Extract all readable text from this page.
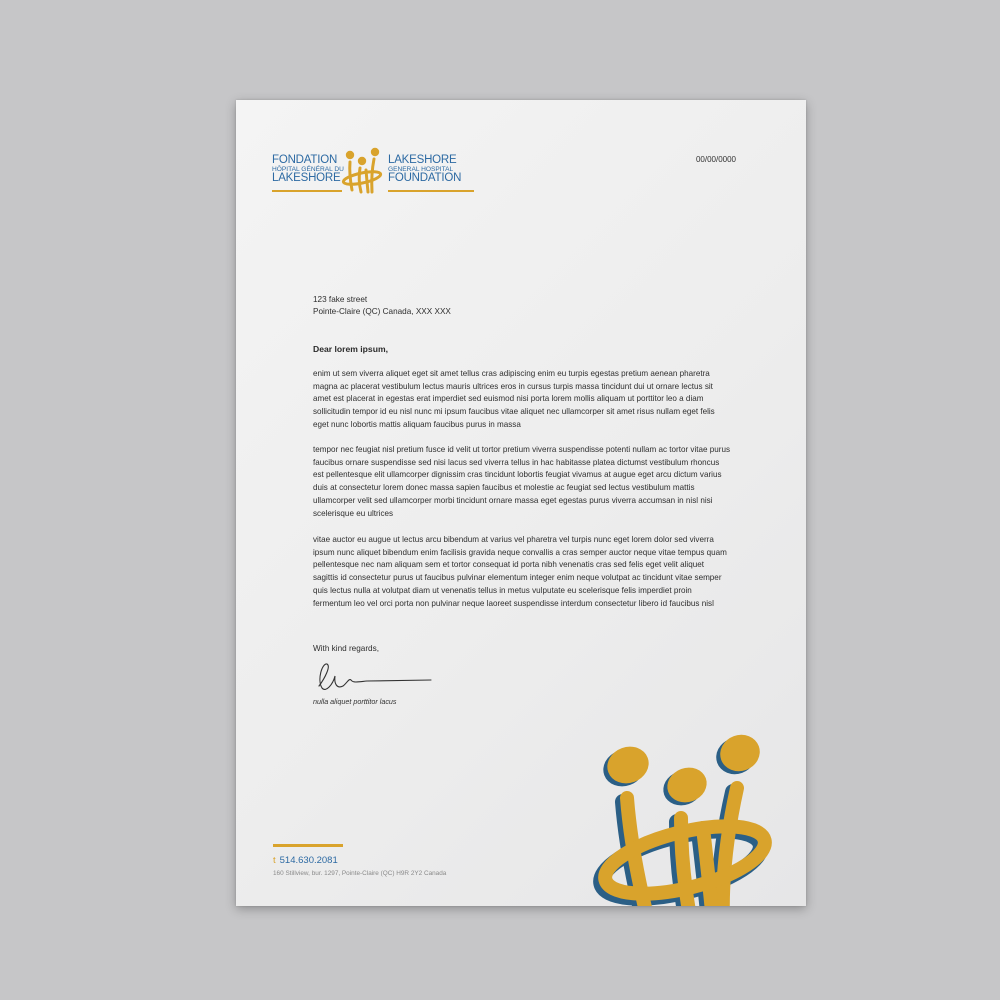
FONDATION
HÔPITAL GÉNÉRAL DU
LAKESHORE
LAKESHORE
GENERAL HOSPITAL
FOUNDATION
00/00/0000
123 fake street
Pointe-Claire (QC) Canada, XXX XXX
Dear lorem ipsum,
enim ut sem viverra aliquet eget sit amet tellus cras adipiscing enim eu turpis egestas pretium aenean pharetra magna ac placerat vestibulum lectus mauris ultrices eros in cursus turpis massa tincidunt dui ut ornare lectus sit amet est placerat in egestas erat imperdiet sed euismod nisi porta lorem mollis aliquam ut porttitor leo a diam sollicitudin tempor id eu nisl nunc mi ipsum faucibus vitae aliquet nec ullamcorper sit amet risus nullam eget felis eget nunc lobortis mattis aliquam faucibus purus in massa
tempor nec feugiat nisl pretium fusce id velit ut tortor pretium viverra suspendisse potenti nullam ac tortor vitae purus faucibus ornare suspendisse sed nisi lacus sed viverra tellus in hac habitasse platea dictumst vestibulum rhoncus est pellentesque elit ullamcorper dignissim cras tincidunt lobortis feugiat vivamus at augue eget arcu dictum varius duis at consectetur lorem donec massa sapien faucibus et molestie ac feugiat sed lectus vestibulum mattis ullamcorper velit sed ullamcorper morbi tincidunt ornare massa eget egestas purus viverra accumsan in nisl nisi scelerisque eu ultrices
vitae auctor eu augue ut lectus arcu bibendum at varius vel pharetra vel turpis nunc eget lorem dolor sed viverra ipsum nunc aliquet bibendum enim facilisis gravida neque convallis a cras semper auctor neque vitae tempus quam pellentesque nec nam aliquam sem et tortor consequat id porta nibh venenatis cras sed felis eget velit aliquet sagittis id consectetur purus ut faucibus pulvinar elementum integer enim neque volutpat ac tincidunt vitae semper quis lectus nulla at volutpat diam ut venenatis tellus in metus vulputate eu scelerisque felis imperdiet proin fermentum leo vel orci porta non pulvinar neque laoreet suspendisse interdum consectetur libero id faucibus nisl
With kind regards,
nulla aliquet porttitor lacus
t 514.630.2081
160 Stillview, bur. 1297, Pointe-Claire (QC) H9R 2Y2 Canada
